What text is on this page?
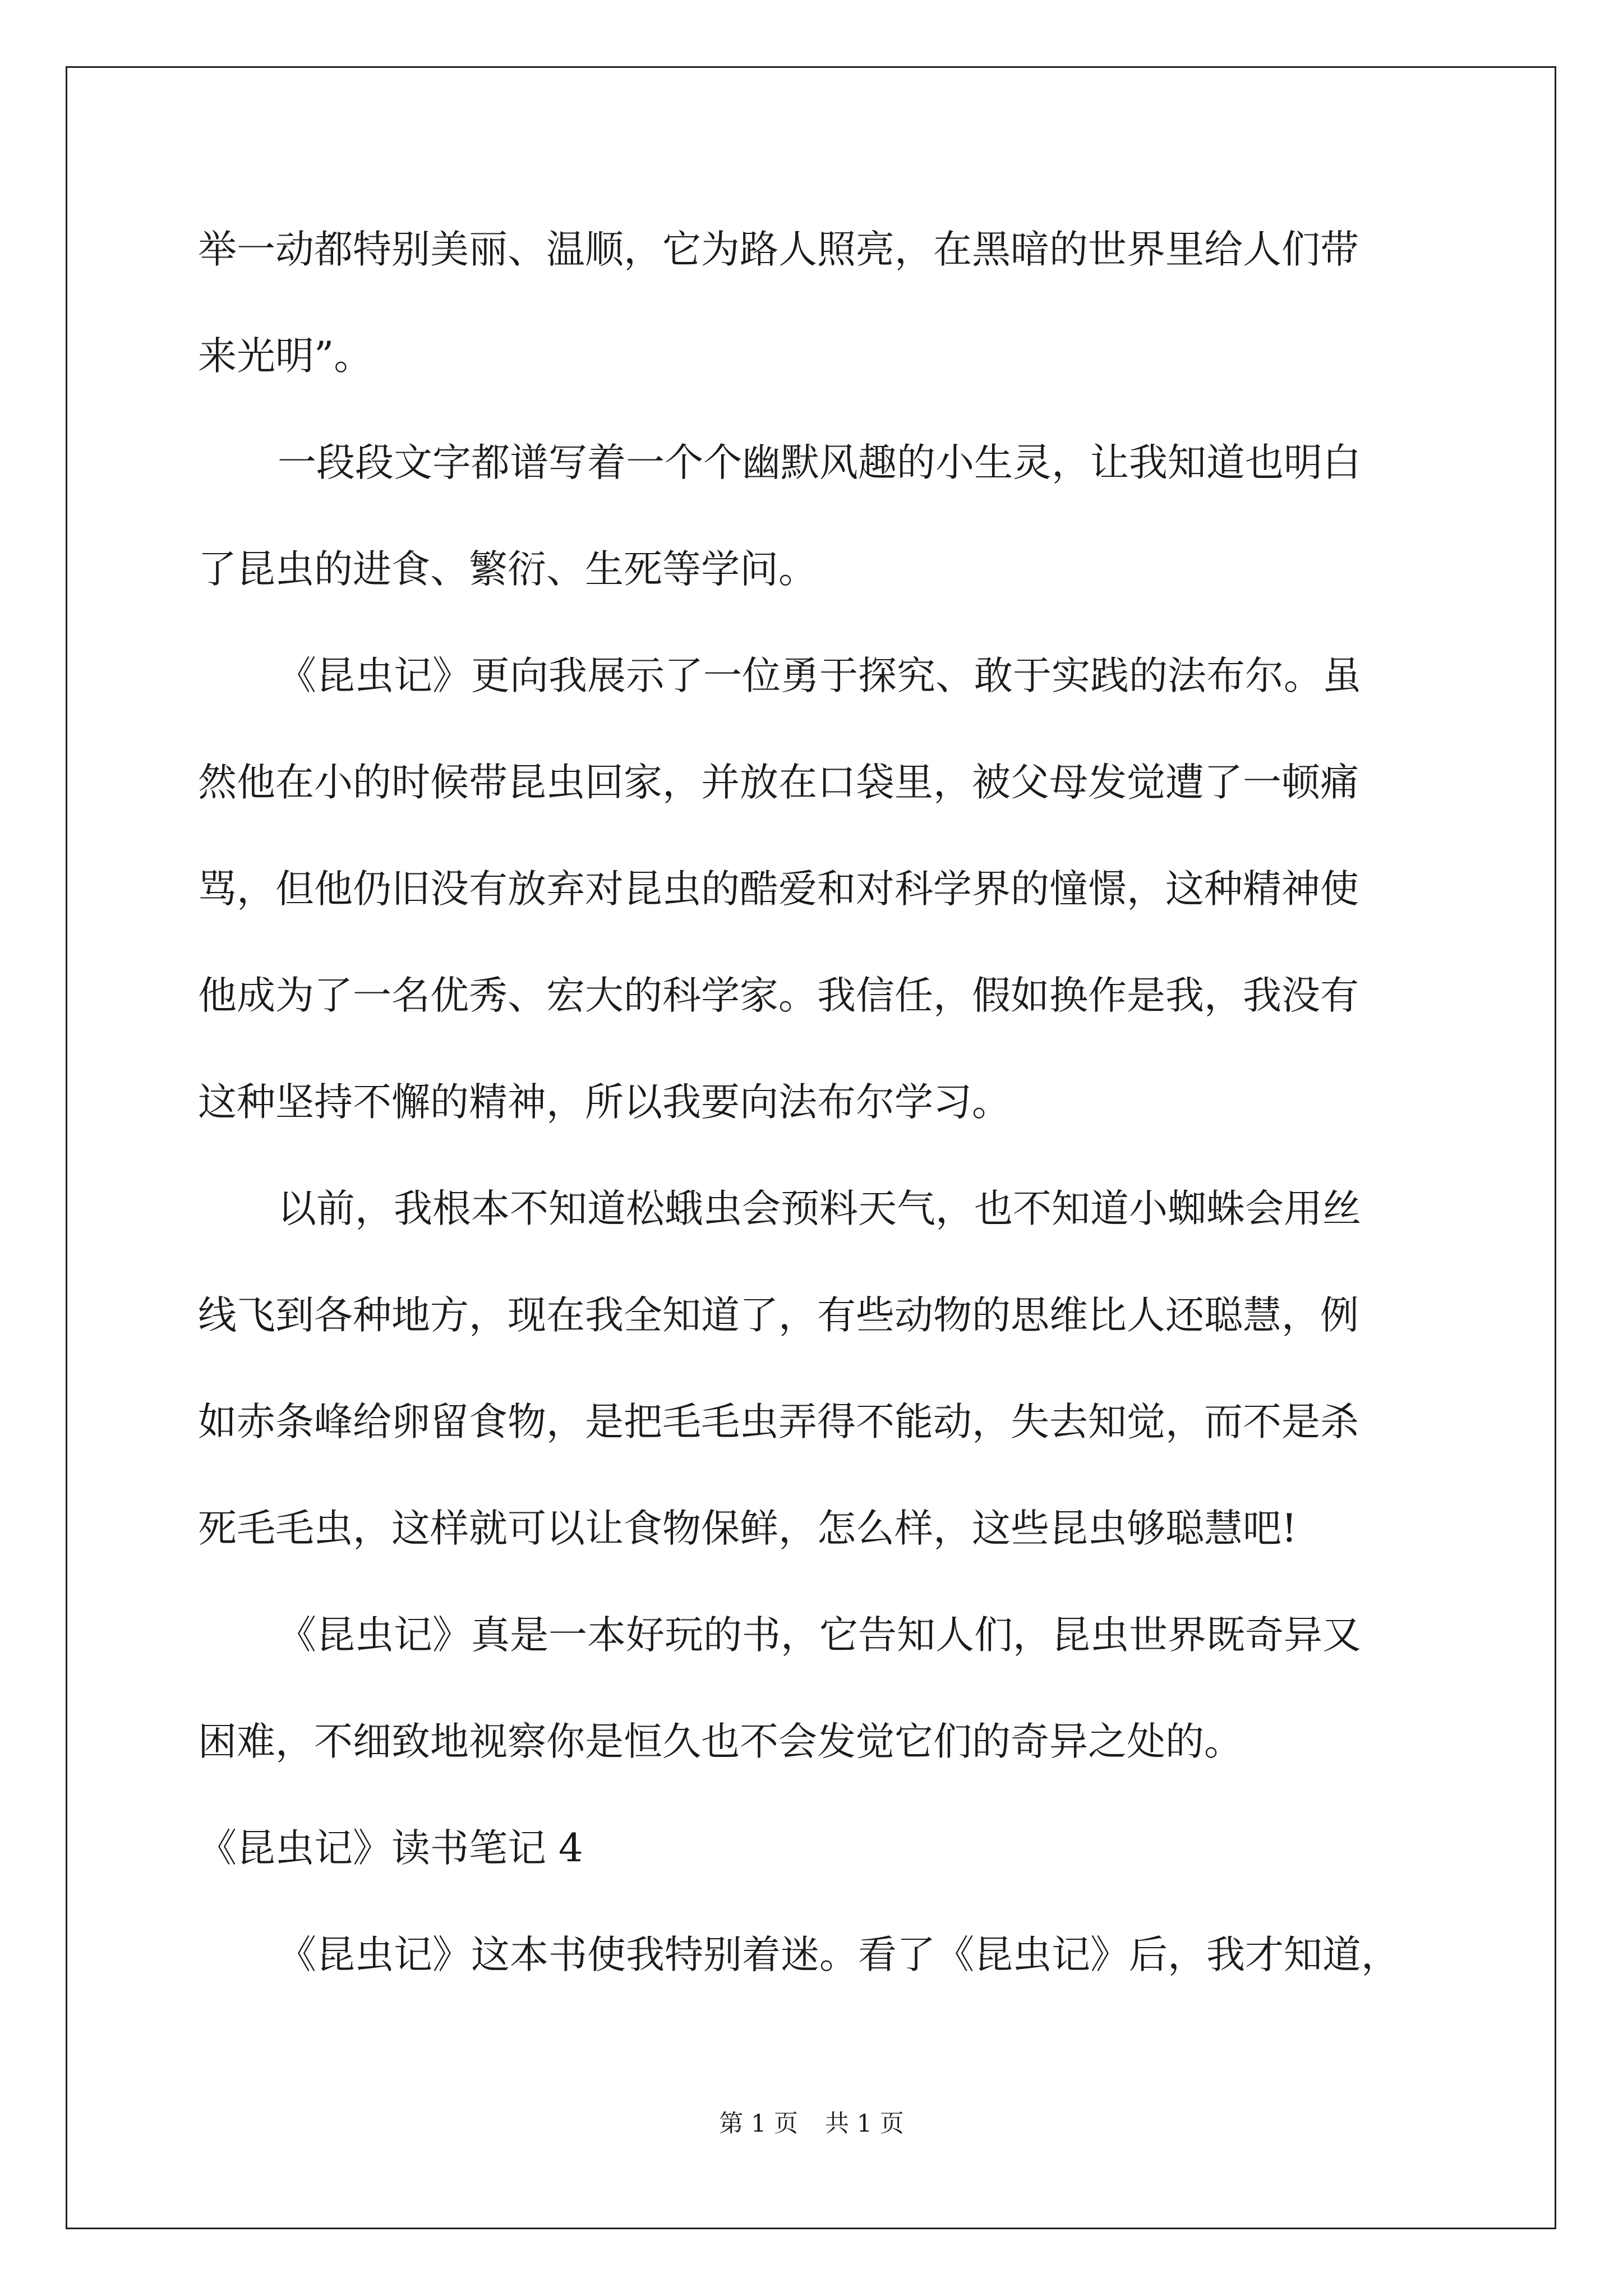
举一动都特别美丽、温顺，它为路人照亮，在黑暗的世界里给人们带
来光明”。
一段段文字都谱写着一个个幽默风趣的小生灵，让我知道也明白
了昆虫的进食、繁衍、生死等学问。
《昆虫记》更向我展示了一位勇于探究、敢于实践的法布尔。虽
然他在小的时候带昆虫回家，并放在口袋里，被父母发觉遭了一顿痛
骂，但他仍旧没有放弃对昆虫的酷爱和对科学界的憧憬，这种精神使
他成为了一名优秀、宏大的科学家。我信任，假如换作是我，我没有
这种坚持不懈的精神，所以我要向法布尔学习。
以前，我根本不知道松蛾虫会预料天气，也不知道小蜘蛛会用丝
线飞到各种地方，现在我全知道了，有些动物的思维比人还聪慧，例
如赤条峰给卵留食物，是把毛毛虫弄得不能动，失去知觉，而不是杀
死毛毛虫，这样就可以让食物保鲜，怎么样，这些昆虫够聪慧吧!
《昆虫记》真是一本好玩的书，它告知人们，昆虫世界既奇异又
困难，不细致地视察你是恒久也不会发觉它们的奇异之处的。
《昆虫记》读书笔记 4
《昆虫记》这本书使我特别着迷。看了《昆虫记》后，我才知道，
第 1 页 共 1 页
